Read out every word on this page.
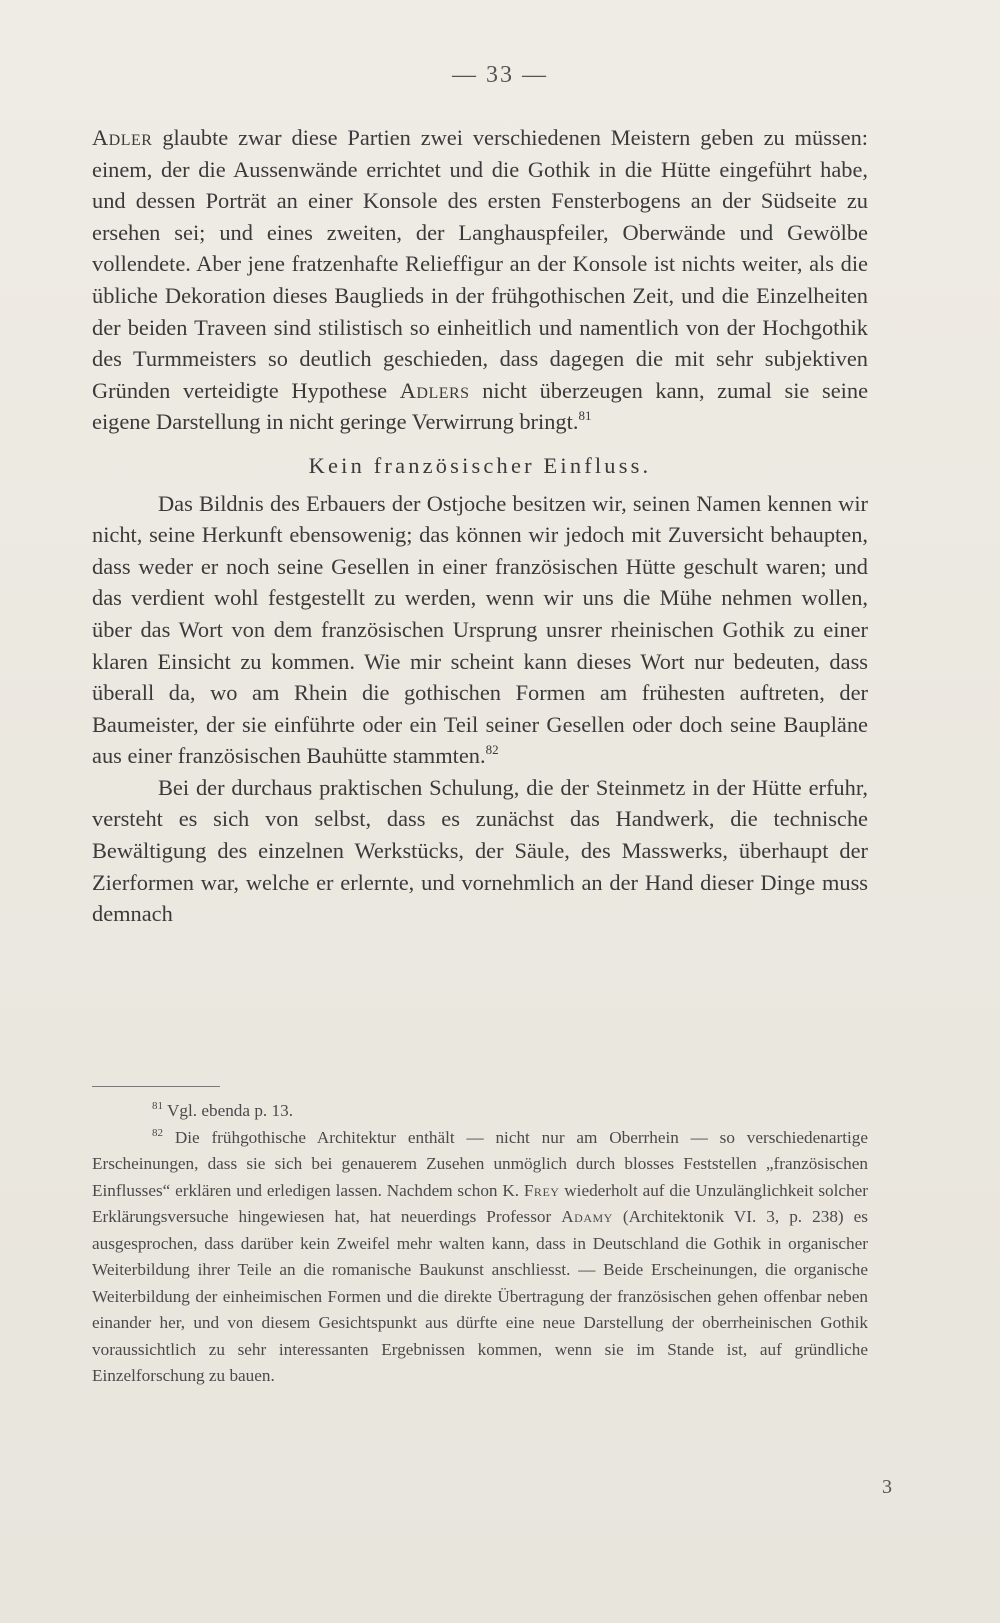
— 33 —

Adler glaubte zwar diese Partien zwei verschiedenen Meistern geben zu müssen: einem, der die Aussenwände errichtet und die Gothik in die Hütte eingeführt habe, und dessen Porträt an einer Konsole des ersten Fensterbogens an der Südseite zu ersehen sei; und eines zweiten, der Langhauspfeiler, Oberwände und Gewölbe vollendete. Aber jene fratzenhafte Relieffigur an der Konsole ist nichts weiter, als die übliche Dekoration dieses Bauglieds in der frühgothischen Zeit, und die Einzelheiten der beiden Traveen sind stilistisch so einheitlich und namentlich von der Hochgothik des Turmmeisters so deutlich geschieden, dass dagegen die mit sehr subjektiven Gründen verteidigte Hypothese Adlers nicht überzeugen kann, zumal sie seine eigene Darstellung in nicht geringe Verwirrung bringt.$^{81}$

Kein französischer Einfluss.

Das Bildnis des Erbauers der Ostjoche besitzen wir, seinen Namen kennen wir nicht, seine Herkunft ebensowenig; das können wir jedoch mit Zuversicht behaupten, dass weder er noch seine Gesellen in einer französischen Hütte geschult waren; und das verdient wohl festgestellt zu werden, wenn wir uns die Mühe nehmen wollen, über das Wort von dem französischen Ursprung unsrer rheinischen Gothik zu einer klaren Einsicht zu kommen. Wie mir scheint kann dieses Wort nur bedeuten, dass überall da, wo am Rhein die gothischen Formen am frühesten auftreten, der Baumeister, der sie einführte oder ein Teil seiner Gesellen oder doch seine Baupläne aus einer französischen Bauhütte stammten.$^{82}$

Bei der durchaus praktischen Schulung, die der Steinmetz in der Hütte erfuhr, versteht es sich von selbst, dass es zunächst das Handwerk, die technische Bewältigung des einzelnen Werkstücks, der Säule, des Masswerks, überhaupt der Zierformen war, welche er erlernte, und vornehmlich an der Hand dieser Dinge muss demnach

$^{81}$ Vgl. ebenda p. 13.

$^{82}$ Die frühgothische Architektur enthält — nicht nur am Oberrhein — so verschiedenartige Erscheinungen, dass sie sich bei genauerem Zusehen unmöglich durch blosses Feststellen „französischen Einflusses“ erklären und erledigen lassen. Nachdem schon K. Frey wiederholt auf die Unzulänglichkeit solcher Erklärungsversuche hingewiesen hat, hat neuerdings Professor Adamy (Architektonik VI. 3, p. 238) es ausgesprochen, dass darüber kein Zweifel mehr walten kann, dass in Deutschland die Gothik in organischer Weiterbildung ihrer Teile an die romanische Baukunst anschliesst. — Beide Erscheinungen, die organische Weiterbildung der einheimischen Formen und die direkte Übertragung der französischen gehen offenbar neben einander her, und von diesem Gesichtspunkt aus dürfte eine neue Darstellung der oberrheinischen Gothik voraussichtlich zu sehr interessanten Ergebnissen kommen, wenn sie im Stande ist, auf gründliche Einzelforschung zu bauen.

3
